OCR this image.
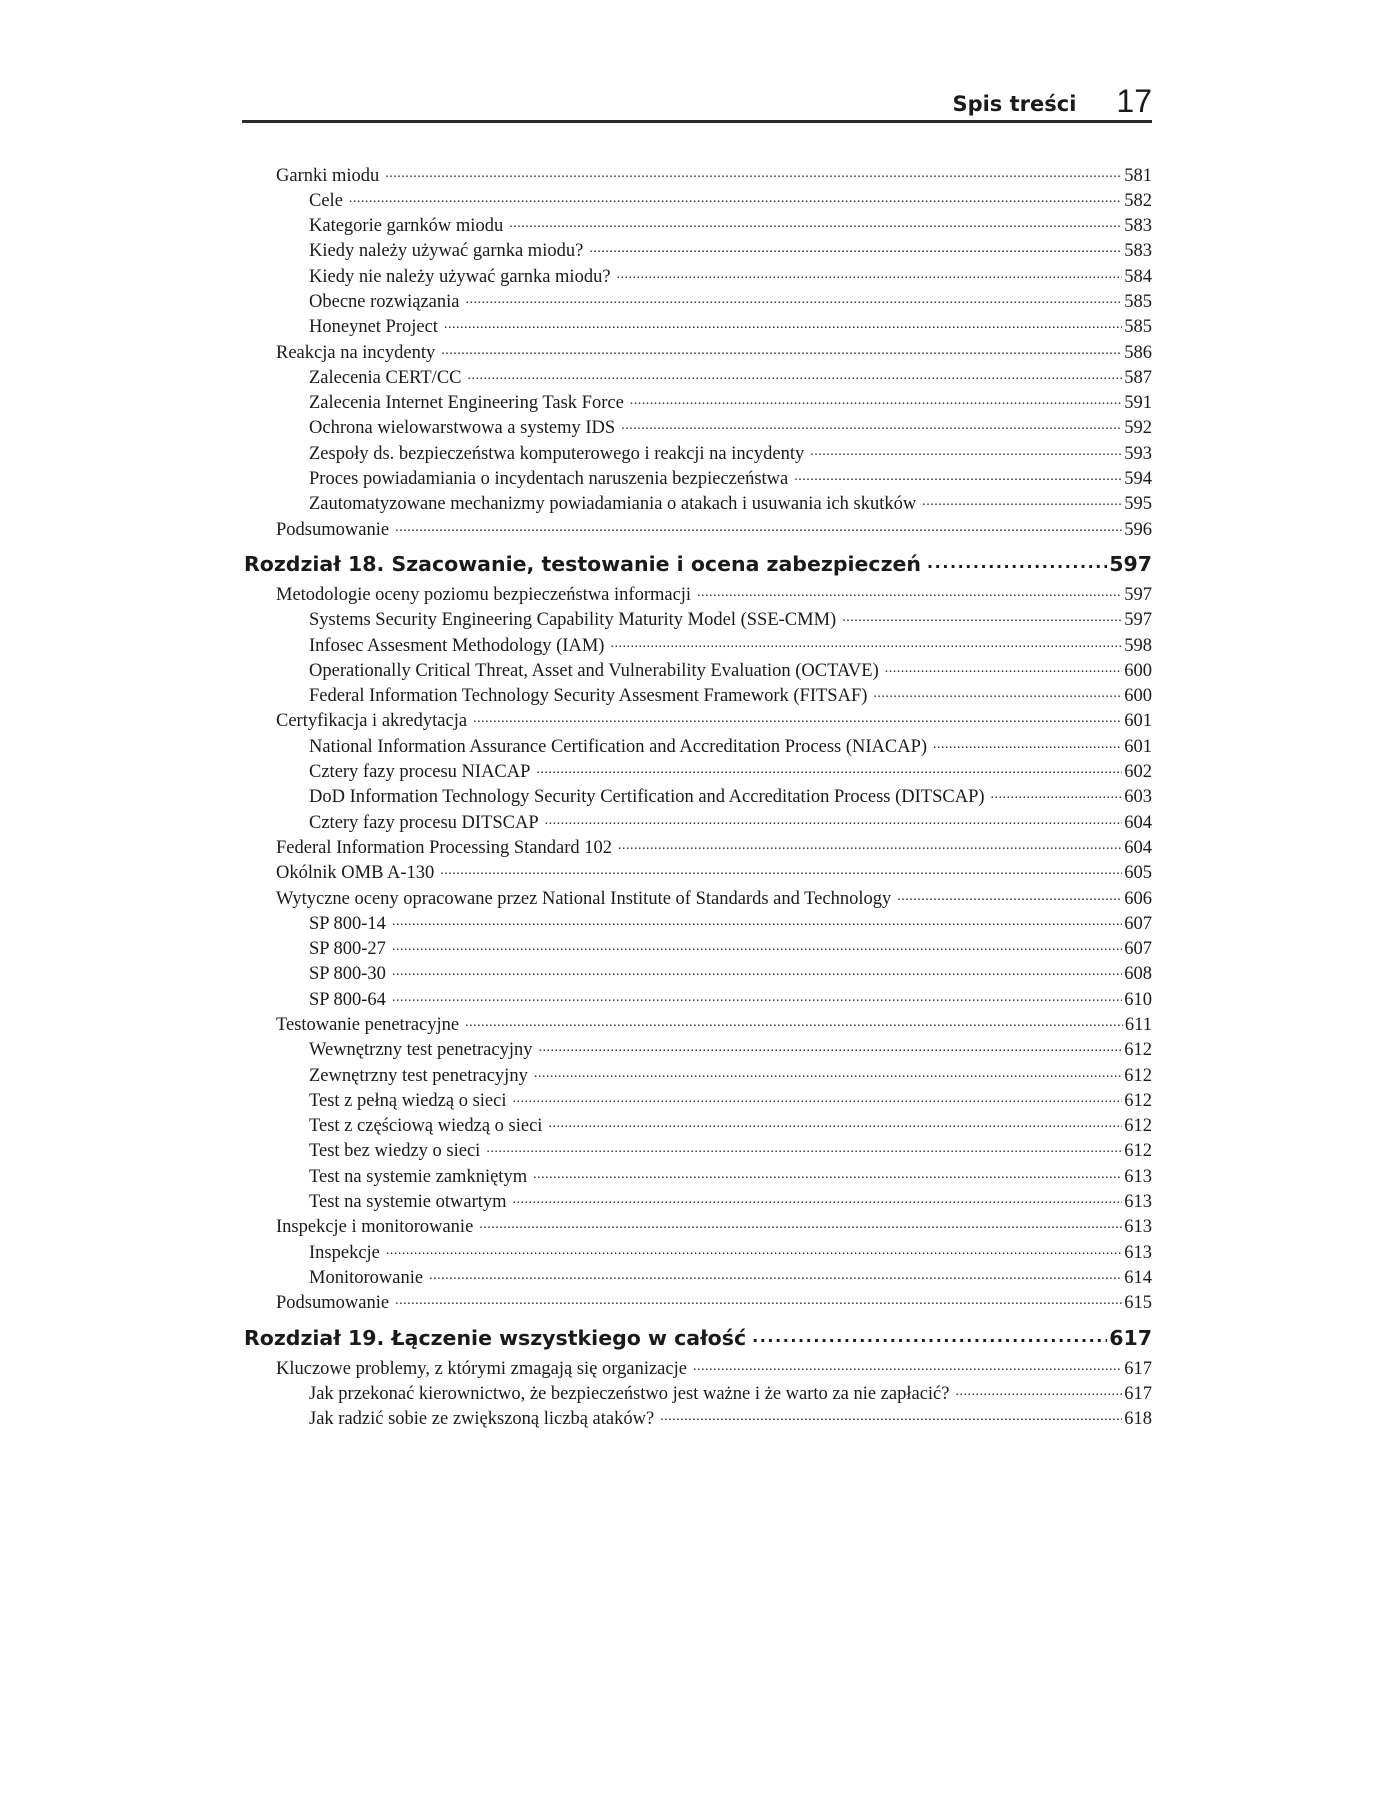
Spis treści 17
Garnki miodu . . .	581
Cele . . .	582
Kategorie garnków miodu . . .	583
Kiedy należy używać garnka miodu? . . .	583
Kiedy nie należy używać garnka miodu? . . .	584
Obecne rozwiązania . . .	585
Honeynet Project . . .	585
Reakcja na incydenty . . .	586
Zalecenia CERT/CC . . .	587
Zalecenia Internet Engineering Task Force . . .	591
Ochrona wielowarstwowa a systemy IDS . . .	592
Zespoły ds. bezpieczeństwa komputerowego i reakcji na incydenty . . .	593
Proces powiadamiania o incydentach naruszenia bezpieczeństwa . . .	594
Zautomatyzowane mechanizmy powiadamiania o atakach i usuwania ich skutków . . .	595
Podsumowanie . . .	596
Rozdział 18. Szacowanie, testowanie i ocena zabezpieczeń . . .	597
Metodologie oceny poziomu bezpieczeństwa informacji . . .	597
Systems Security Engineering Capability Maturity Model (SSE-CMM) . . .	597
Infosec Assesment Methodology (IAM) . . .	598
Operationally Critical Threat, Asset and Vulnerability Evaluation (OCTAVE) . . .	600
Federal Information Technology Security Assesment Framework (FITSAF) . . .	600
Certyfikacja i akredytacja . . .	601
National Information Assurance Certification and Accreditation Process (NIACAP) . . .	601
Cztery fazy procesu NIACAP . . .	602
DoD Information Technology Security Certification and Accreditation Process (DITSCAP) . . .	603
Cztery fazy procesu DITSCAP . . .	604
Federal Information Processing Standard 102 . . .	604
Okólnik OMB A-130 . . .	605
Wytyczne oceny opracowane przez National Institute of Standards and Technology . . .	606
SP 800-14 . . .	607
SP 800-27 . . .	607
SP 800-30 . . .	608
SP 800-64 . . .	610
Testowanie penetracyjne . . .	611
Wewnętrzny test penetracyjny . . .	612
Zewnętrzny test penetracyjny . . .	612
Test z pełną wiedzą o sieci . . .	612
Test z częściową wiedzą o sieci . . .	612
Test bez wiedzy o sieci . . .	612
Test na systemie zamkniętym . . .	613
Test na systemie otwartym . . .	613
Inspekcje i monitorowanie . . .	613
Inspekcje . . .	613
Monitorowanie . . .	614
Podsumowanie . . .	615
Rozdział 19. Łączenie wszystkiego w całość . . .	617
Kluczowe problemy, z którymi zmagają się organizacje . . .	617
Jak przekonać kierownictwo, że bezpieczeństwo jest ważne i że warto za nie zapłacić? . . .	617
Jak radzić sobie ze zwiększoną liczbą ataków? . . .	618
